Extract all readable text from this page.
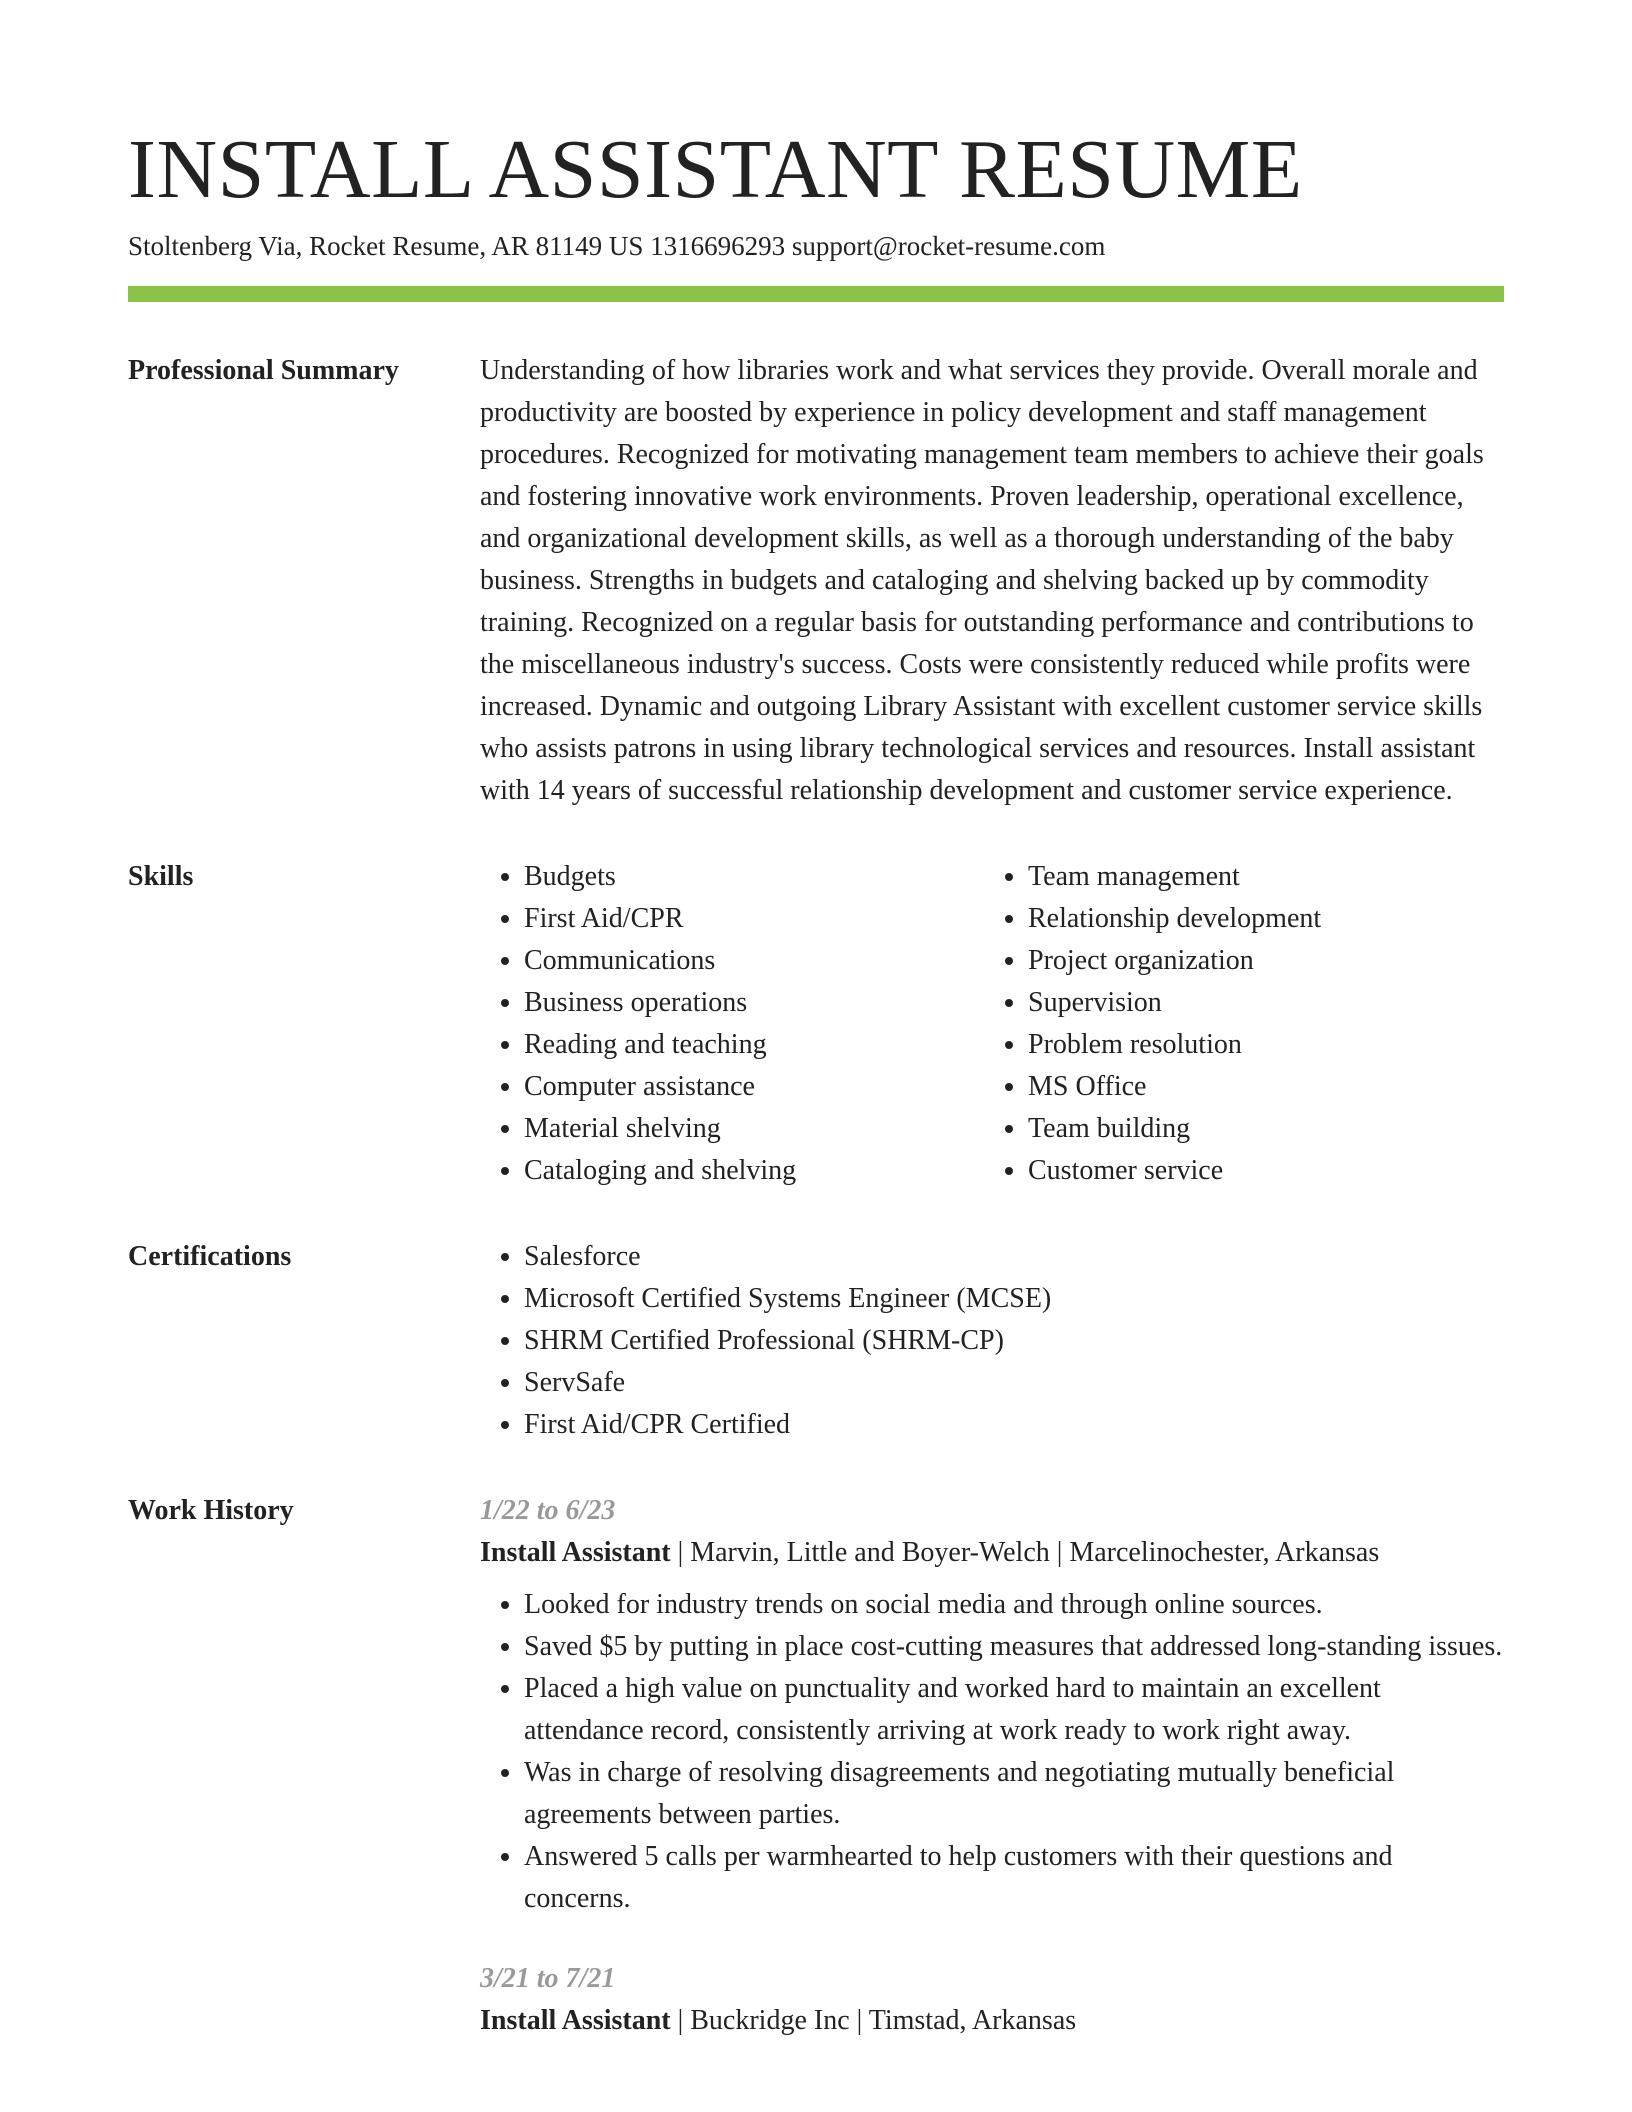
INSTALL ASSISTANT RESUME
Stoltenberg Via, Rocket Resume, AR 81149 US 1316696293 support@rocket-resume.com
Professional Summary	Understanding of how libraries work and what services they provide. Overall morale and productivity are boosted by experience in policy development and staff management procedures. Recognized for motivating management team members to achieve their goals and fostering innovative work environments. Proven leadership, operational excellence, and organizational development skills, as well as a thorough understanding of the baby business. Strengths in budgets and cataloging and shelving backed up by commodity training. Recognized on a regular basis for outstanding performance and contributions to the miscellaneous industry's success. Costs were consistently reduced while profits were increased. Dynamic and outgoing Library Assistant with excellent customer service skills who assists patrons in using library technological services and resources. Install assistant with 14 years of successful relationship development and customer service experience.

Skills	• Budgets
• First Aid/CPR
• Communications
• Business operations
• Reading and teaching
• Computer assistance
• Material shelving
• Cataloging and shelving
• Team management
• Relationship development
• Project organization
• Supervision
• Problem resolution
• MS Office
• Team building
• Customer service
Certifications	• Salesforce
• Microsoft Certified Systems Engineer (MCSE)
• SHRM Certified Professional (SHRM-CP)
• ServSafe
• First Aid/CPR Certified
Work History	1/22 to 6/23
Install Assistant | Marvin, Little and Boyer-Welch | Marcelinochester, Arkansas
• Looked for industry trends on social media and through online sources.
• Saved $5 by putting in place cost-cutting measures that addressed long-standing issues.
• Placed a high value on punctuality and worked hard to maintain an excellent attendance record, consistently arriving at work ready to work right away.
• Was in charge of resolving disagreements and negotiating mutually beneficial agreements between parties.
• Answered 5 calls per warmhearted to help customers with their questions and concerns.
3/21 to 7/21
Install Assistant | Buckridge Inc | Timstad, Arkansas
